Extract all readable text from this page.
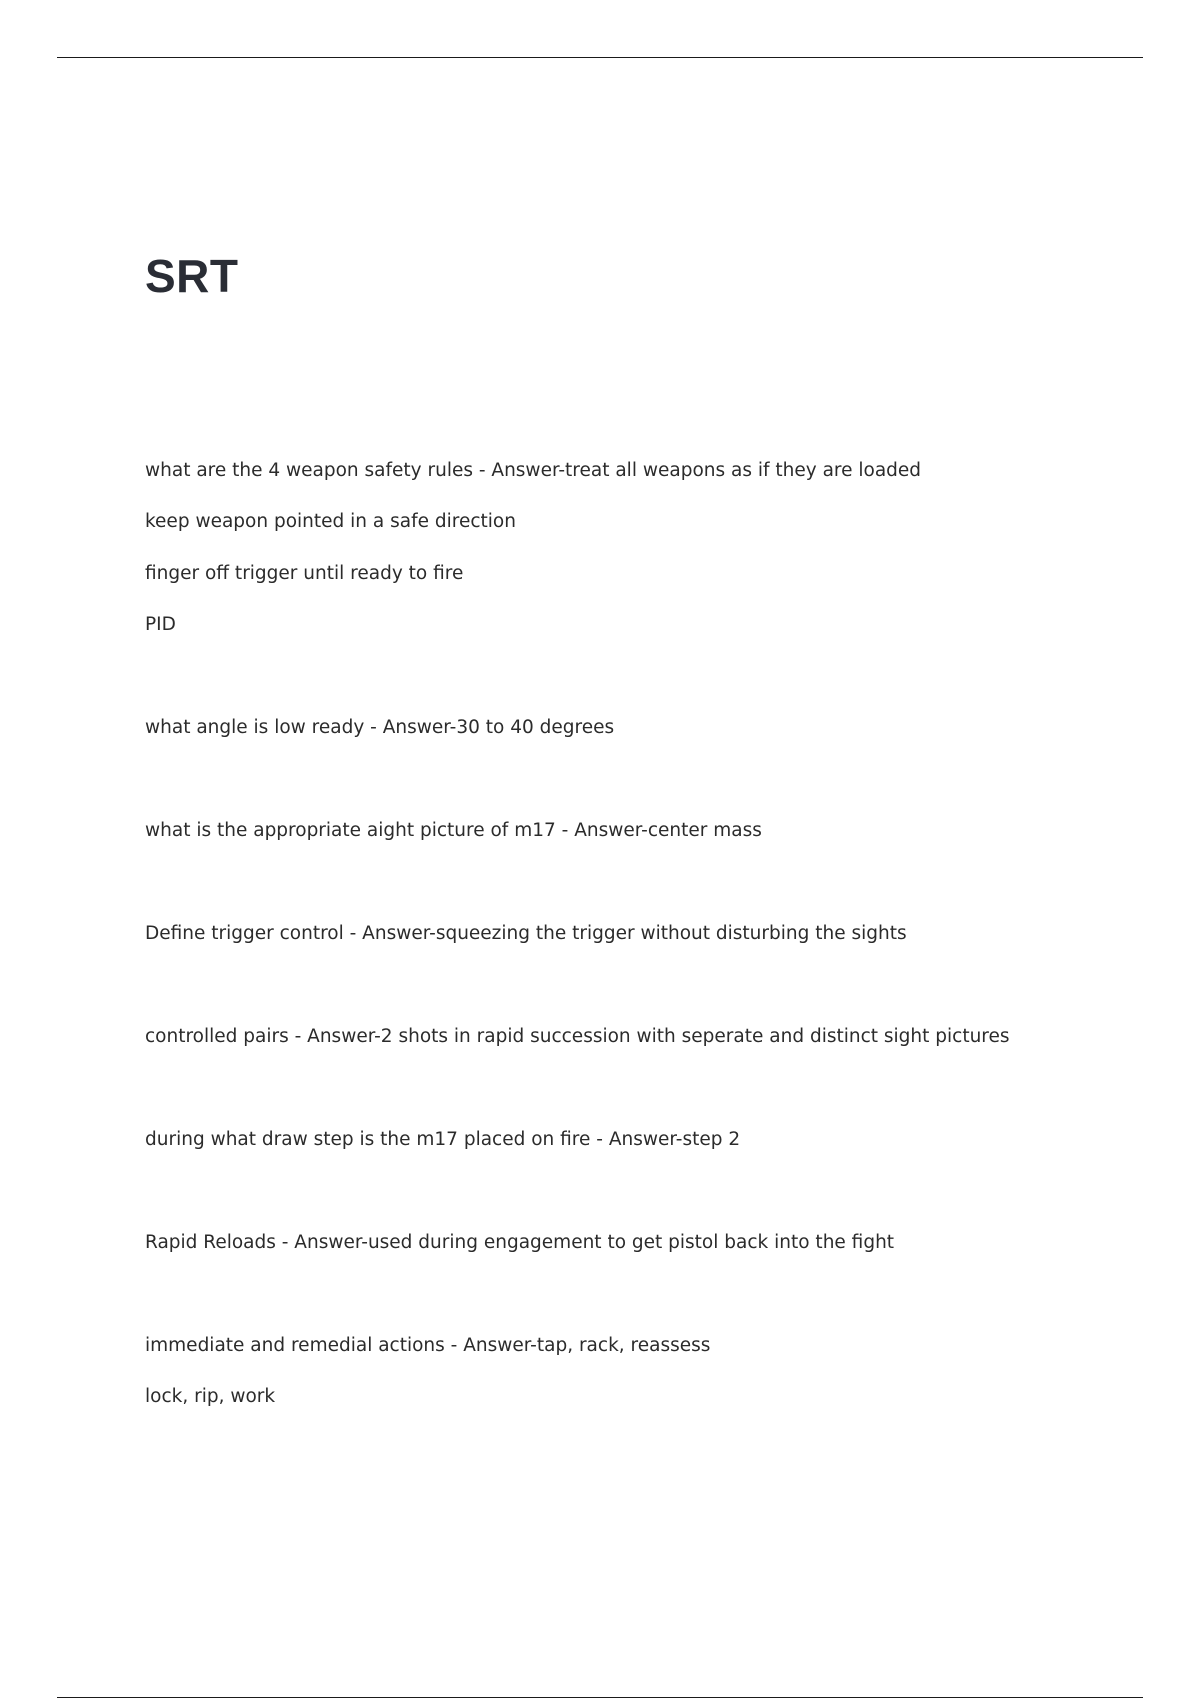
SRT

what are the 4 weapon safety rules - Answer-treat all weapons as if they are loaded

keep weapon pointed in a safe direction

finger off trigger until ready to fire

PID

what angle is low ready - Answer-30 to 40 degrees

what is the appropriate aight picture of m17 - Answer-center mass

Define trigger control - Answer-squeezing the trigger without disturbing the sights

controlled pairs - Answer-2 shots in rapid succession with seperate and distinct sight pictures

during what draw step is the m17 placed on fire - Answer-step 2

Rapid Reloads - Answer-used during engagement to get pistol back into the fight

immediate and remedial actions - Answer-tap, rack, reassess

lock, rip, work
